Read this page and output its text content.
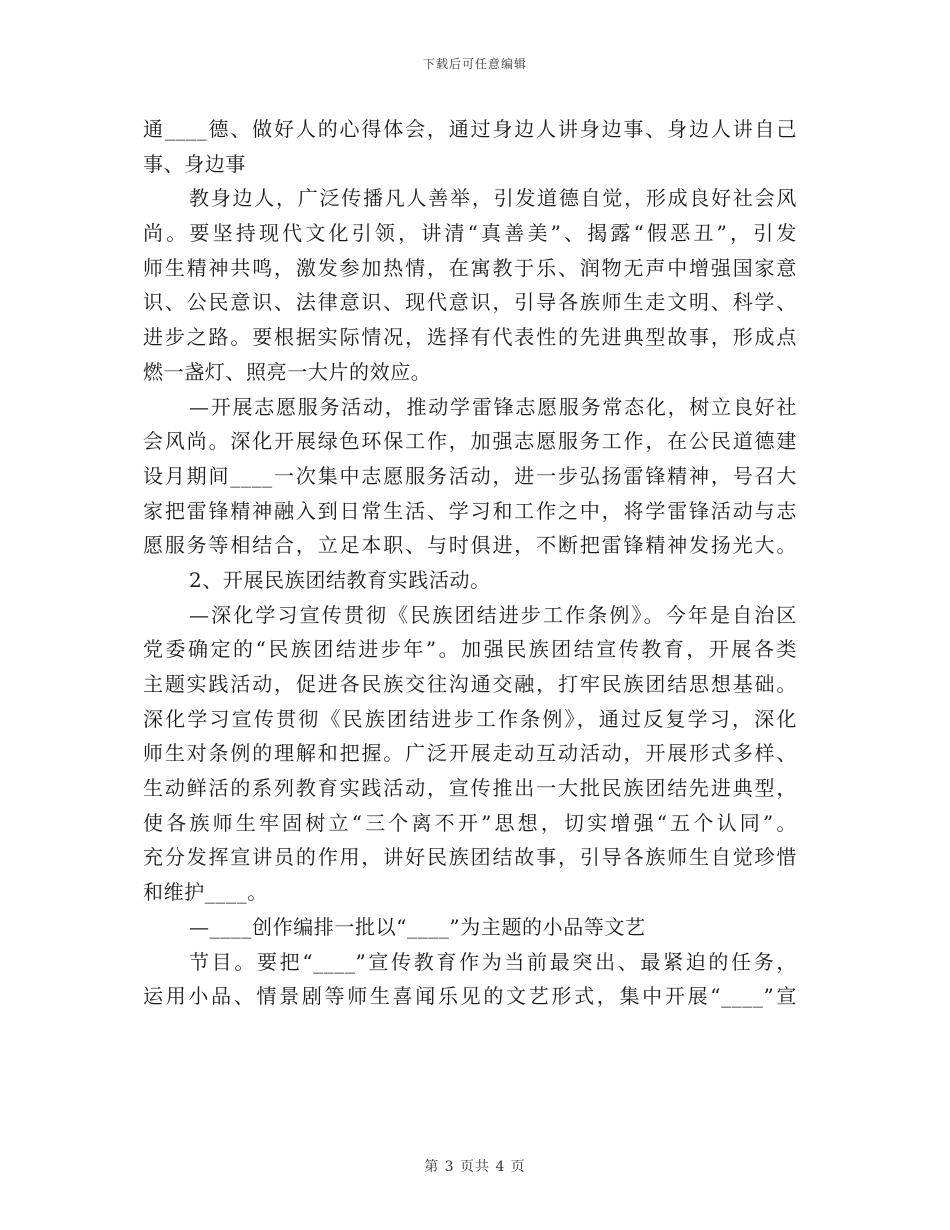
下载后可任意编辑
通____德、做好人的心得体会，通过身边人讲身边事、身边人讲自己
事、身边事
教身边人，广泛传播凡人善举，引发道德自觉，形成良好社会风
尚。要坚持现代文化引领，讲清“真善美”、揭露“假恶丑”，引发
师生精神共鸣，激发参加热情，在寓教于乐、润物无声中增强国家意
识、公民意识、法律意识、现代意识，引导各族师生走文明、科学、
进步之路。要根据实际情况，选择有代表性的先进典型故事，形成点
燃一盏灯、照亮一大片的效应。
—开展志愿服务活动，推动学雷锋志愿服务常态化，树立良好社
会风尚。深化开展绿色环保工作，加强志愿服务工作，在公民道德建
设月期间____一次集中志愿服务活动，进一步弘扬雷锋精神，号召大
家把雷锋精神融入到日常生活、学习和工作之中，将学雷锋活动与志
愿服务等相结合，立足本职、与时俱进，不断把雷锋精神发扬光大。
2、开展民族团结教育实践活动。
—深化学习宣传贯彻《民族团结进步工作条例》。今年是自治区
党委确定的“民族团结进步年”。加强民族团结宣传教育，开展各类
主题实践活动，促进各民族交往沟通交融，打牢民族团结思想基础。
深化学习宣传贯彻《民族团结进步工作条例》，通过反复学习，深化
师生对条例的理解和把握。广泛开展走动互动活动，开展形式多样、
生动鲜活的系列教育实践活动，宣传推出一大批民族团结先进典型，
使各族师生牢固树立“三个离不开”思想，切实增强“五个认同”。
充分发挥宣讲员的作用，讲好民族团结故事，引导各族师生自觉珍惜
和维护____。
—____创作编排一批以“____”为主题的小品等文艺
节目。要把“____”宣传教育作为当前最突出、最紧迫的任务，
运用小品、情景剧等师生喜闻乐见的文艺形式，集中开展“____”宣
第 3 页共 4 页
